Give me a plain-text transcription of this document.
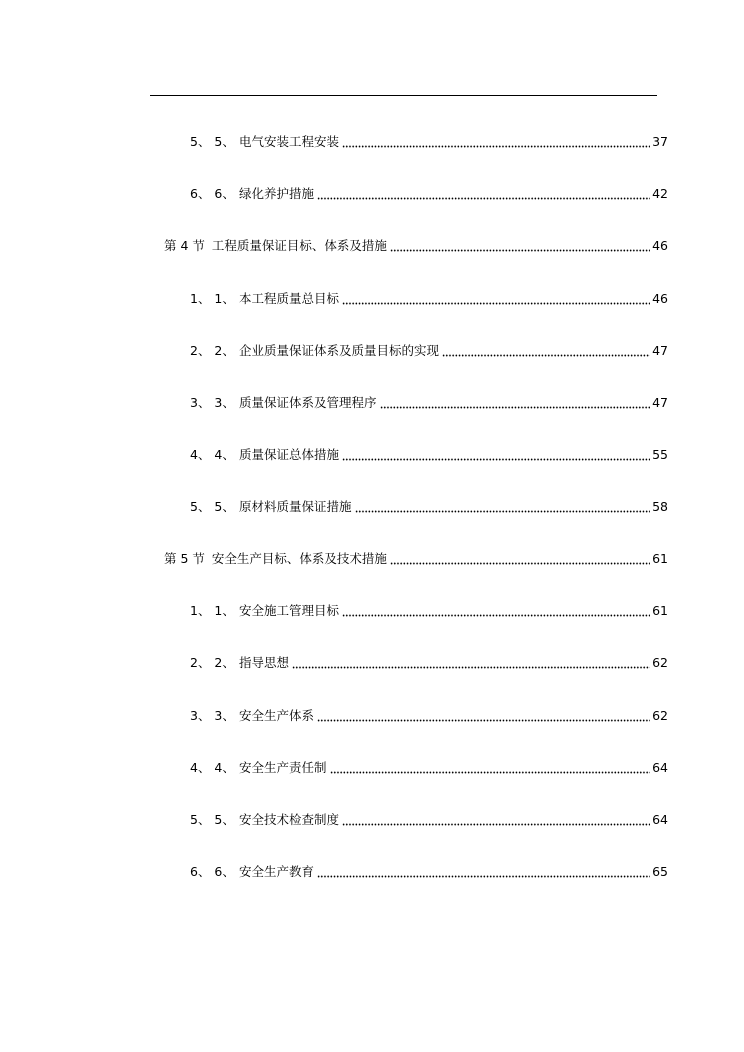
5、 5、 电气安装工程安装	37
6、 6、 绿化养护措施	42
第 4 节 工程质量保证目标、体系及措施	46
1、 1、 本工程质量总目标	46
2、 2、 企业质量保证体系及质量目标的实现	47
3、 3、 质量保证体系及管理程序	47
4、 4、 质量保证总体措施	55
5、 5、 原材料质量保证措施	58
第 5 节 安全生产目标、体系及技术措施	61
1、 1、 安全施工管理目标	61
2、 2、 指导思想	62
3、 3、 安全生产体系	62
4、 4、 安全生产责任制	64
5、 5、 安全技术检查制度	64
6、 6、 安全生产教育	65
